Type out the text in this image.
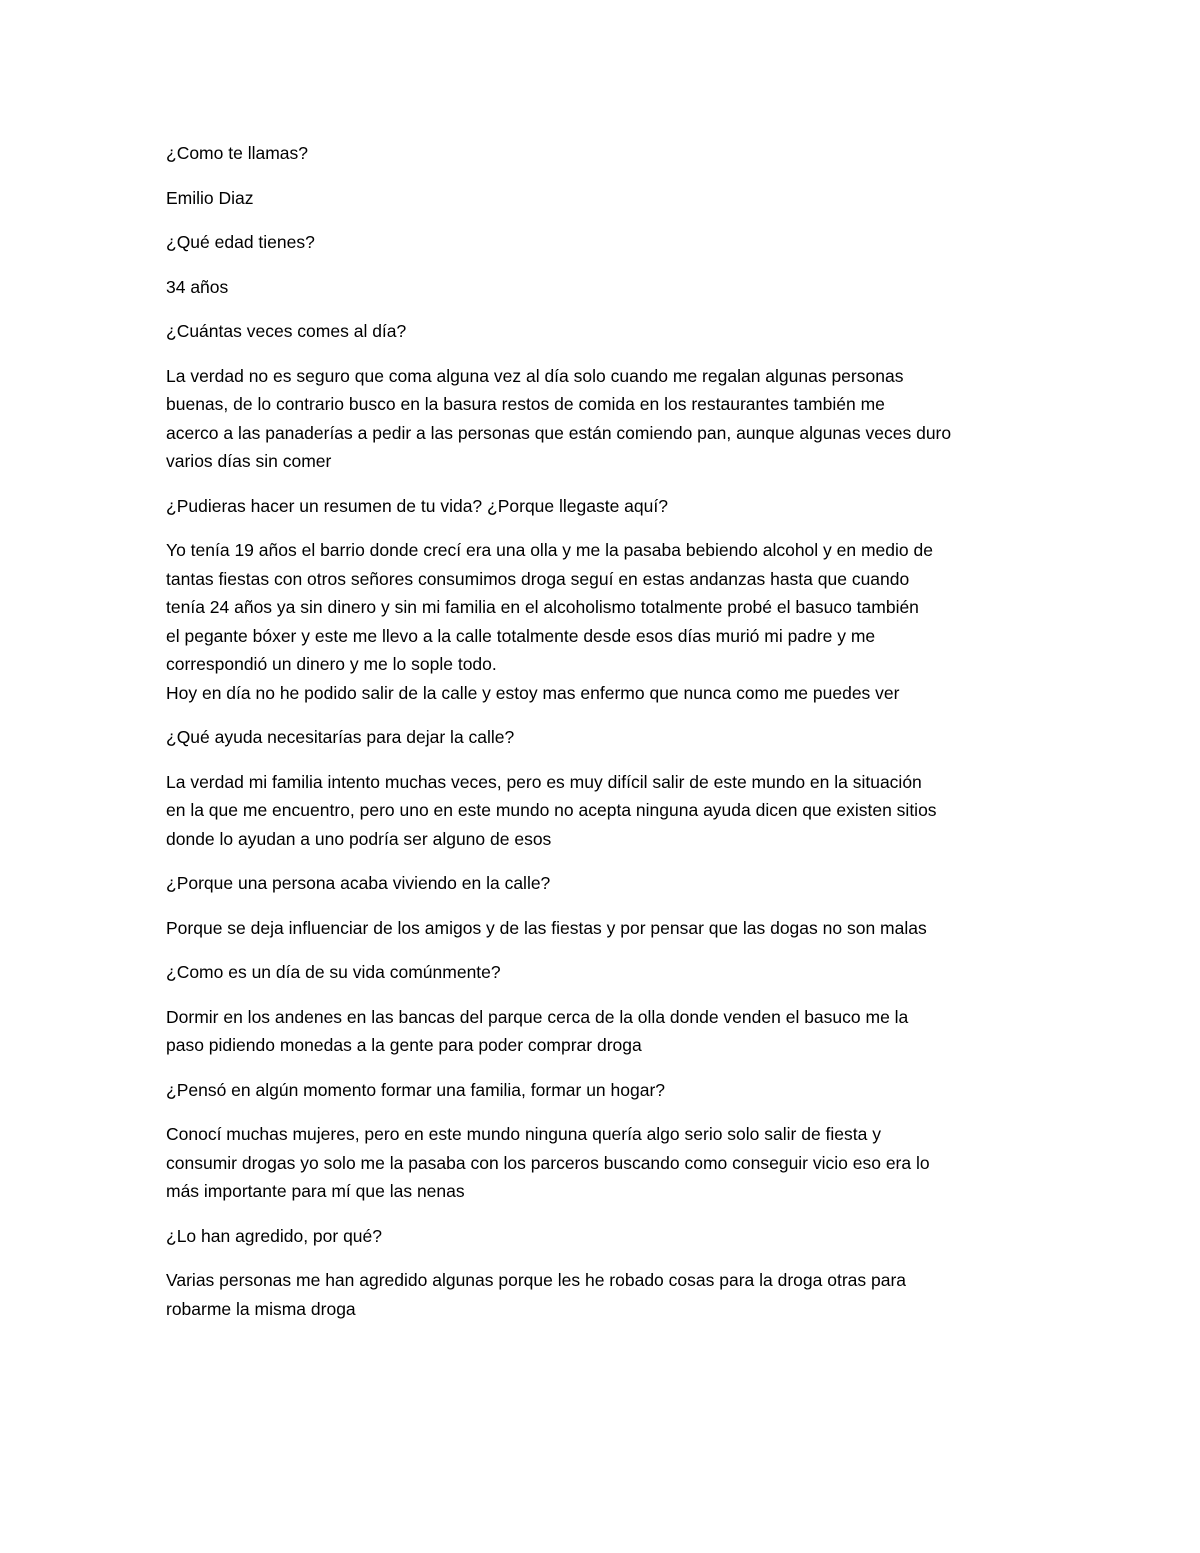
¿Como te llamas?

Emilio Diaz

¿Qué edad tienes?

34 años

¿Cuántas veces comes al día?

La verdad no es seguro que coma alguna vez al día solo cuando me regalan algunas personas
buenas, de lo contrario busco en la basura restos de comida en los restaurantes también me
acerco a las panaderías a pedir a las personas que están comiendo pan, aunque algunas veces duro
varios días sin comer

¿Pudieras hacer un resumen de tu vida? ¿Porque llegaste aquí?

Yo tenía 19 años el barrio donde crecí era una olla y me la pasaba bebiendo alcohol y en medio de
tantas fiestas con otros señores consumimos droga seguí en estas andanzas hasta que cuando
tenía 24 años ya sin dinero y sin mi familia en el alcoholismo totalmente probé el basuco también
el pegante bóxer y este me llevo a la calle totalmente desde esos días murió mi padre y me
correspondió un dinero y me lo sople todo.
Hoy en día no he podido salir de la calle y estoy mas enfermo que nunca como me puedes ver

¿Qué ayuda necesitarías para dejar la calle?

La verdad mi familia intento muchas veces, pero es muy difícil salir de este mundo en la situación
en la que me encuentro, pero uno en este mundo no acepta ninguna ayuda dicen que existen sitios
donde lo ayudan a uno podría ser alguno de esos

¿Porque una persona acaba viviendo en la calle?

Porque se deja influenciar de los amigos y de las fiestas y por pensar que las dogas no son malas

¿Como es un día de su vida comúnmente?

Dormir en los andenes en las bancas del parque cerca de la olla donde venden el basuco me la
paso pidiendo monedas a la gente para poder comprar droga

¿Pensó en algún momento formar una familia, formar un hogar?

Conocí muchas mujeres, pero en este mundo ninguna quería algo serio solo salir de fiesta y
consumir drogas yo solo me la pasaba con los parceros buscando como conseguir vicio eso era lo
más importante para mí que las nenas

¿Lo han agredido, por qué?

Varias personas me han agredido algunas porque les he robado cosas para la droga otras para
robarme la misma droga
